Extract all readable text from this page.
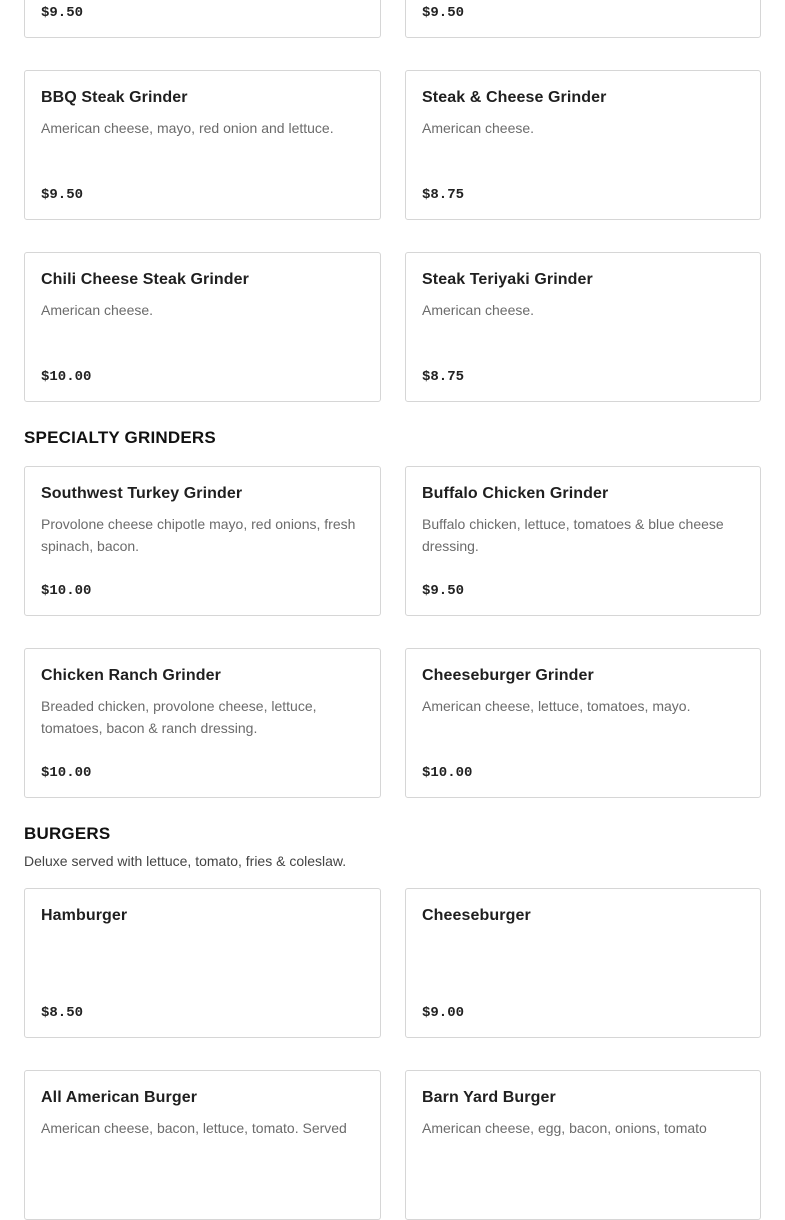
$9.50	$9.50
BBQ Steak Grinder
American cheese, mayo, red onion and lettuce.
$9.50
Steak & Cheese Grinder
American cheese.
$8.75
Chili Cheese Steak Grinder
American cheese.
$10.00
Steak Teriyaki Grinder
American cheese.
$8.75
SPECIALTY GRINDERS
Southwest Turkey Grinder
Provolone cheese chipotle mayo, red onions, fresh spinach, bacon.
$10.00
Buffalo Chicken Grinder
Buffalo chicken, lettuce, tomatoes & blue cheese dressing.
$9.50
Chicken Ranch Grinder
Breaded chicken, provolone cheese, lettuce, tomatoes, bacon & ranch dressing.
$10.00
Cheeseburger Grinder
American cheese, lettuce, tomatoes, mayo.
$10.00
BURGERS
Deluxe served with lettuce, tomato, fries & coleslaw.
Hamburger
$8.50
Cheeseburger
$9.00
All American Burger
American cheese, bacon, lettuce, tomato. Served
Barn Yard Burger
American cheese, egg, bacon, onions, tomato
